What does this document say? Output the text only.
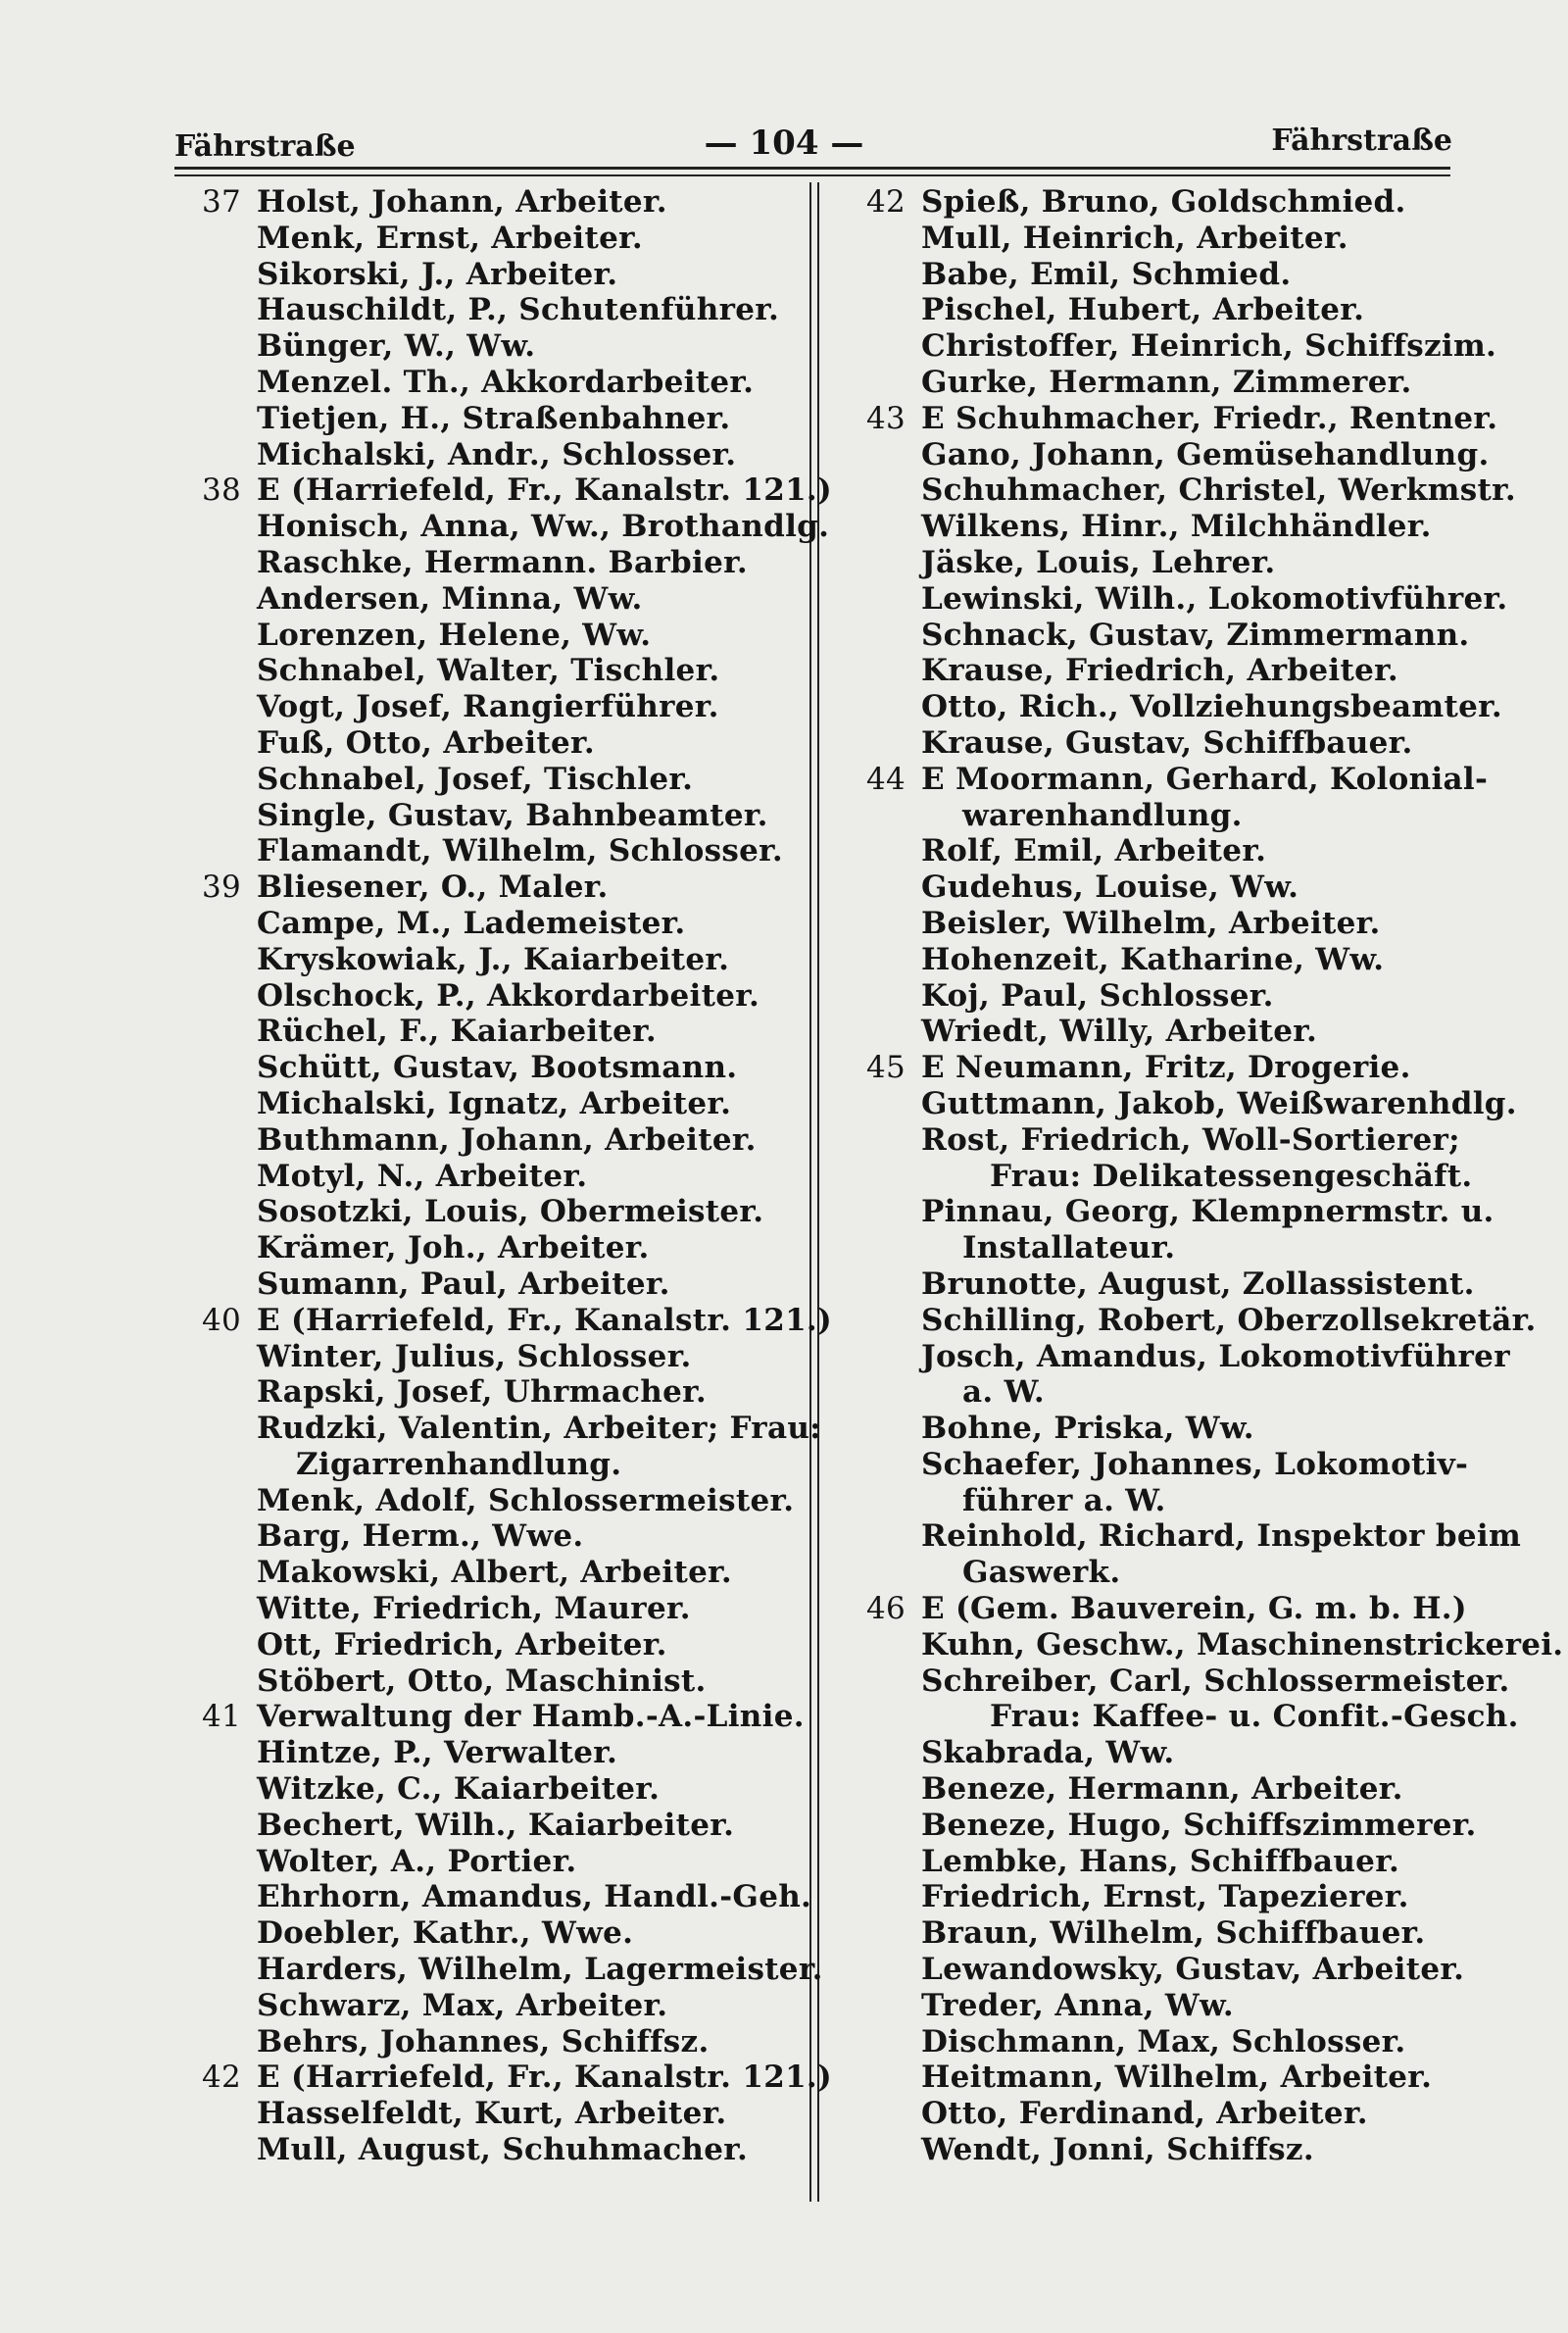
Fährstraße	— 104 —	Fährstraße
37 Holst, Johann, Arbeiter.
Menk, Ernst, Arbeiter.
Sikorski, J., Arbeiter.
Hauschildt, P., Schutenführer.
Bünger, W., Ww.
Menzel. Th., Akkordarbeiter.
Tietjen, H., Straßenbahner.
Michalski, Andr., Schlosser.
38 E (Harriefeld, Fr., Kanalstr. 121.)
Honisch, Anna, Ww., Brothandlg.
Raschke, Hermann. Barbier.
Andersen, Minna, Ww.
Lorenzen, Helene, Ww.
Schnabel, Walter, Tischler.
Vogt, Josef, Rangierführer.
Fuß, Otto, Arbeiter.
Schnabel, Josef, Tischler.
Single, Gustav, Bahnbeamter.
Flamandt, Wilhelm, Schlosser.
39 Bliesener, O., Maler.
Campe, M., Lademeister.
Kryskowiak, J., Kaiarbeiter.
Olschock, P., Akkordarbeiter.
Rüchel, F., Kaiarbeiter.
Schütt, Gustav, Bootsmann.
Michalski, Ignatz, Arbeiter.
Buthmann, Johann, Arbeiter.
Motyl, N., Arbeiter.
Sosotzki, Louis, Obermeister.
Krämer, Joh., Arbeiter.
Sumann, Paul, Arbeiter.
40 E (Harriefeld, Fr., Kanalstr. 121.)
Winter, Julius, Schlosser.
Rapski, Josef, Uhrmacher.
Rudzki, Valentin, Arbeiter; Frau:
Zigarrenhandlung.
Menk, Adolf, Schlossermeister.
Barg, Herm., Wwe.
Makowski, Albert, Arbeiter.
Witte, Friedrich, Maurer.
Ott, Friedrich, Arbeiter.
Stöbert, Otto, Maschinist.
41 Verwaltung der Hamb.-A.-Linie.
Hintze, P., Verwalter.
Witzke, C., Kaiarbeiter.
Bechert, Wilh., Kaiarbeiter.
Wolter, A., Portier.
Ehrhorn, Amandus, Handl.-Geh.
Doebler, Kathr., Wwe.
Harders, Wilhelm, Lagermeister.
Schwarz, Max, Arbeiter.
Behrs, Johannes, Schiffsz.
42 E (Harriefeld, Fr., Kanalstr. 121.)
Hasselfeldt, Kurt, Arbeiter.
Mull, August, Schuhmacher.
42 Spieß, Bruno, Goldschmied.
Mull, Heinrich, Arbeiter.
Babe, Emil, Schmied.
Pischel, Hubert, Arbeiter.
Christoffer, Heinrich, Schiffszim.
Gurke, Hermann, Zimmerer.
43 E Schuhmacher, Friedr., Rentner.
Gano, Johann, Gemüsehandlung.
Schuhmacher, Christel, Werkmstr.
Wilkens, Hinr., Milchhändler.
Jäske, Louis, Lehrer.
Lewinski, Wilh., Lokomotivführer.
Schnack, Gustav, Zimmermann.
Krause, Friedrich, Arbeiter.
Otto, Rich., Vollziehungsbeamter.
Krause, Gustav, Schiffbauer.
44 E Moormann, Gerhard, Kolonial-
warenhandlung.
Rolf, Emil, Arbeiter.
Gudehus, Louise, Ww.
Beisler, Wilhelm, Arbeiter.
Hohenzeit, Katharine, Ww.
Koj, Paul, Schlosser.
Wriedt, Willy, Arbeiter.
45 E Neumann, Fritz, Drogerie.
Guttmann, Jakob, Weißwarenhdlg.
Rost, Friedrich, Woll-Sortierer;
Frau: Delikatessengeschäft.
Pinnau, Georg, Klempnermstr. u.
Installateur.
Brunotte, August, Zollassistent.
Schilling, Robert, Oberzollsekretär.
Josch, Amandus, Lokomotivführer
a. W.
Bohne, Priska, Ww.
Schaefer, Johannes, Lokomotiv-
führer a. W.
Reinhold, Richard, Inspektor beim
Gaswerk.
46 E (Gem. Bauverein, G. m. b. H.)
Kuhn, Geschw., Maschinenstrickerei.
Schreiber, Carl, Schlossermeister.
Frau: Kaffee- u. Confit.-Gesch.
Skabrada, Ww.
Beneze, Hermann, Arbeiter.
Beneze, Hugo, Schiffszimmerer.
Lembke, Hans, Schiffbauer.
Friedrich, Ernst, Tapezierer.
Braun, Wilhelm, Schiffbauer.
Lewandowsky, Gustav, Arbeiter.
Treder, Anna, Ww.
Dischmann, Max, Schlosser.
Heitmann, Wilhelm, Arbeiter.
Otto, Ferdinand, Arbeiter.
Wendt, Jonni, Schiffsz.
